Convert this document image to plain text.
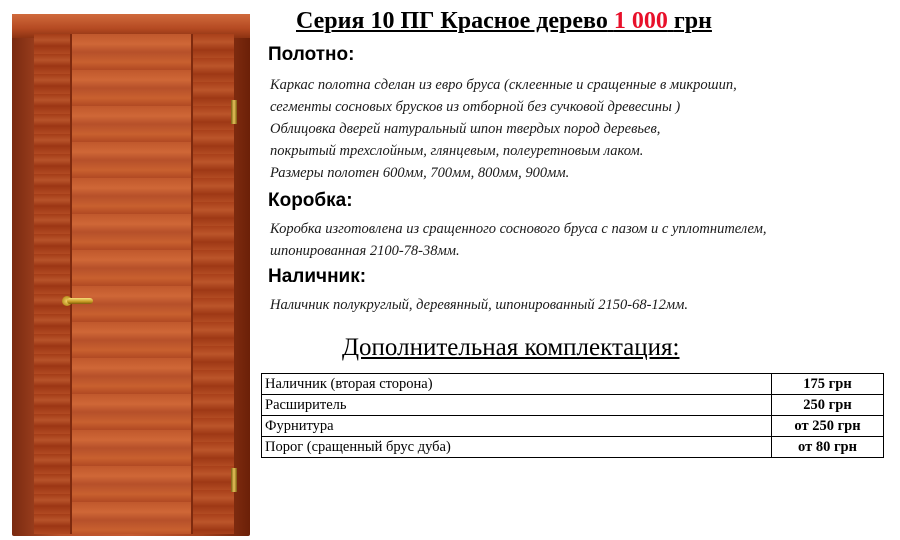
Серия 10 ПГ Красное дерево 1 000 грн
Полотно:
Каркас полотна сделан из евро бруса (склеенные и сращенные в микрошип,
сегменты сосновых брусков из отборной без сучковой древесины )
Облицовка дверей натуральный шпон твердых пород деревьев,
покрытый трехслойным, глянцевым, полеуретновым лаком.
Размеры полотен 600мм, 700мм, 800мм, 900мм.
Коробка:
Коробка изготовлена из сращенного соснового бруса с пазом и с уплотнителем,
шпонированная 2100-78-38мм.
Наличник:
Наличник полукруглый, деревянный, шпонированный 2150-68-12мм.
Дополнительная комплектация:
Наличник (вторая сторона)	175 грн
Расширитель	250 грн
Фурнитура	от 250 грн
Порог (сращенный брус дуба)	от 80 грн
